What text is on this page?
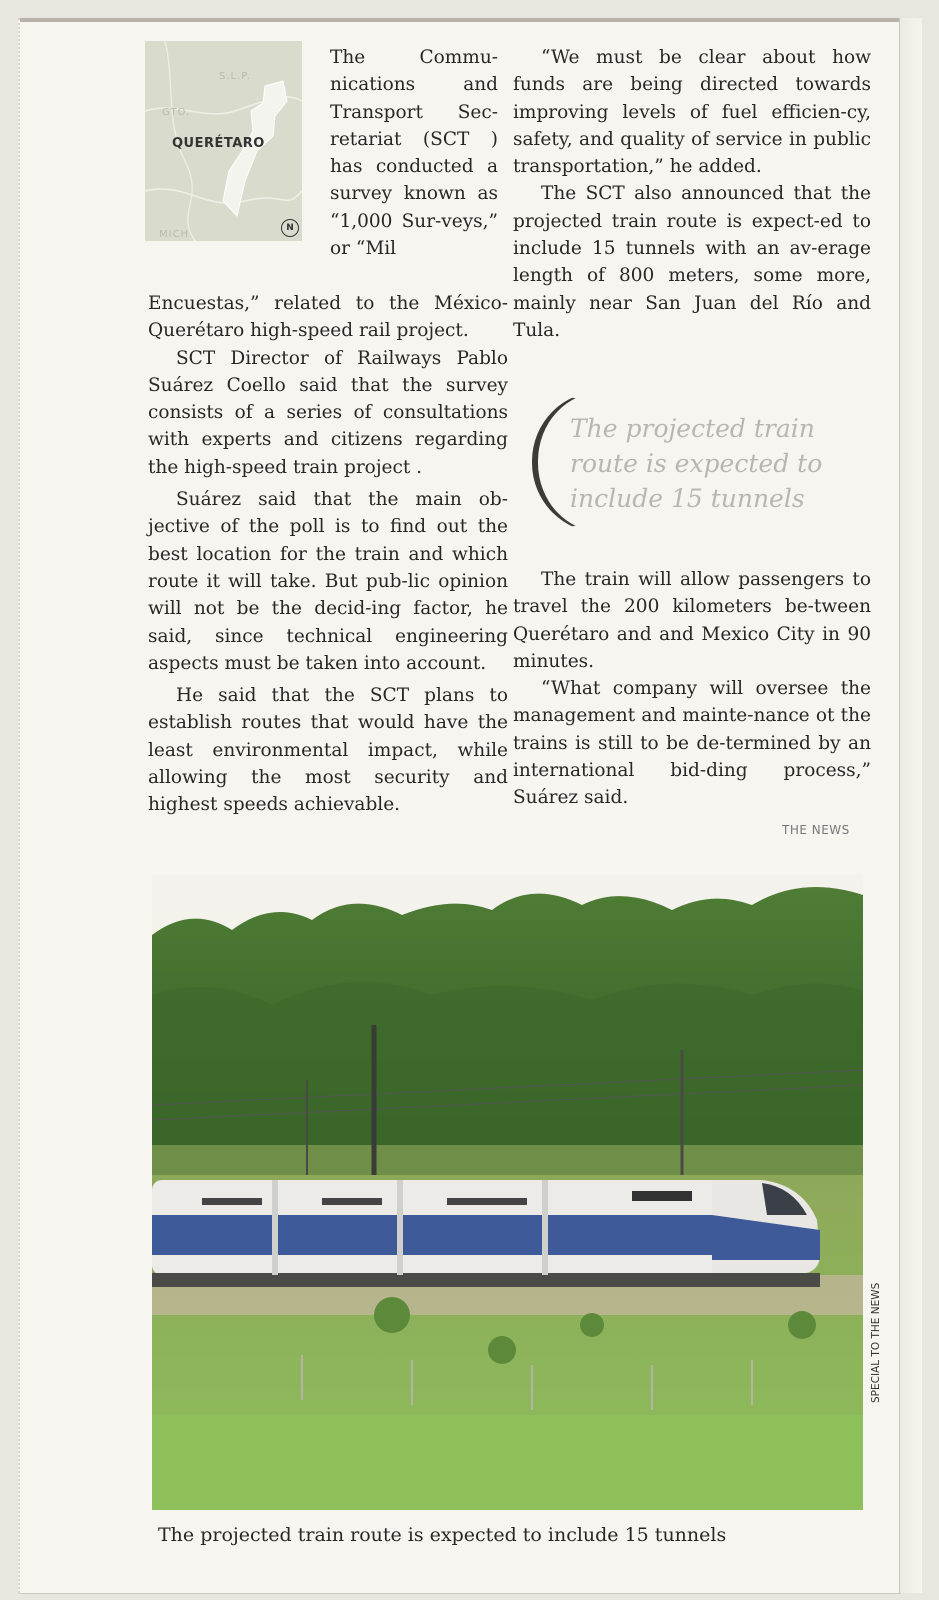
S.L.P.
GTO.
MICH
QUERÉTARO
N

The Commu-nications and Transport Sec-retariat (SCT ) has conducted a survey known as “1,000 Sur-veys,” or “Mil

Encuestas,” related to the México-Querétaro high-speed rail project.

SCT Director of Railways Pablo Suárez Coello said that the survey consists of a series of consultations with experts and citizens regarding the high-speed train project .

Suárez said that the main ob-jective of the poll is to find out the best location for the train and which route it will take. But pub-lic opinion will not be the decid-ing factor, he said, since technical engineering aspects must be taken into account.

He said that the SCT plans to establish routes that would have the least environmental impact, while allowing the most security and highest speeds achievable.

“We must be clear about how funds are being directed towards improving levels of fuel efficien-cy, safety, and quality of service in public transportation,” he added.

The SCT also announced that the projected train route is expect-ed to include 15 tunnels with an av-erage length of 800 meters, some more, mainly near San Juan del Río and Tula.

The projected train route is expected to include 15 tunnels

The train will allow passengers to travel the 200 kilometers be-tween Querétaro and and Mexico City in 90 minutes.

“What company will oversee the management and mainte-nance ot the trains is still to be de-termined by an international bid-ding process,” Suárez said.

THE NEWS
SPECIAL TO THE NEWS
The projected train route is expected to include 15 tunnels
